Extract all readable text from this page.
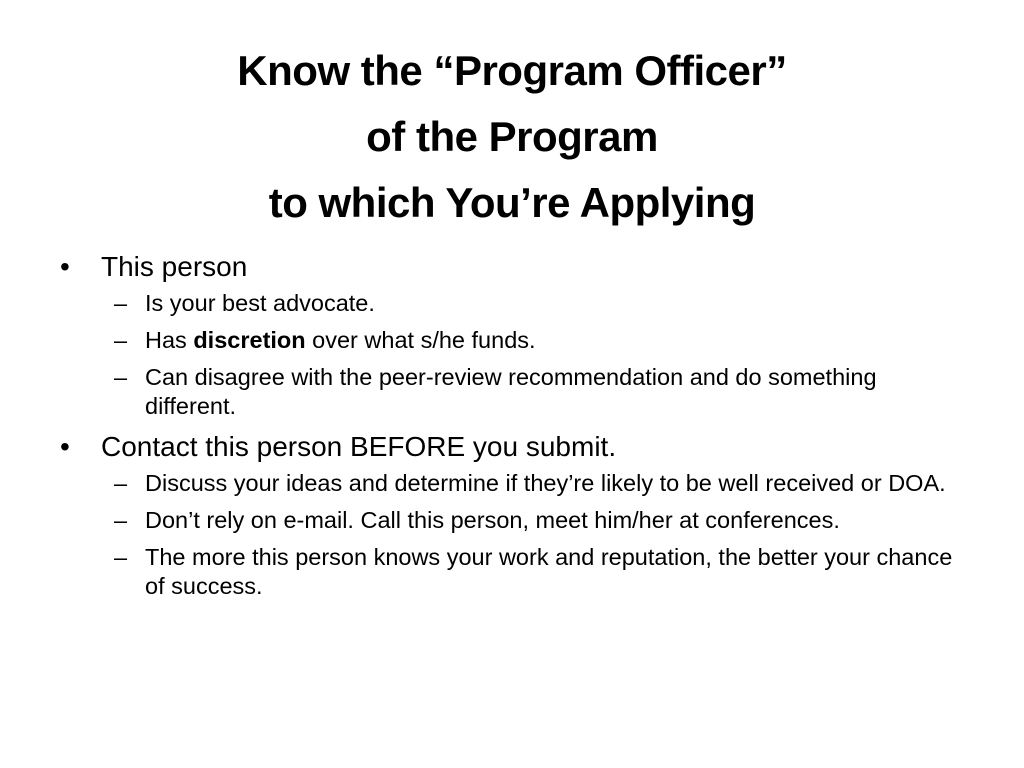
Know the “Program Officer”
of the Program
to which You’re Applying
•	This person
– Is your best advocate.
– Has discretion over what s/he funds.
– Can disagree with the peer-review recommendation and do something different.
•	Contact this person BEFORE you submit.
– Discuss your ideas and determine if they’re likely to be well received or DOA.
– Don’t rely on e-mail. Call this person, meet him/her at conferences.
– The more this person knows your work and reputation, the better your chance of success.
